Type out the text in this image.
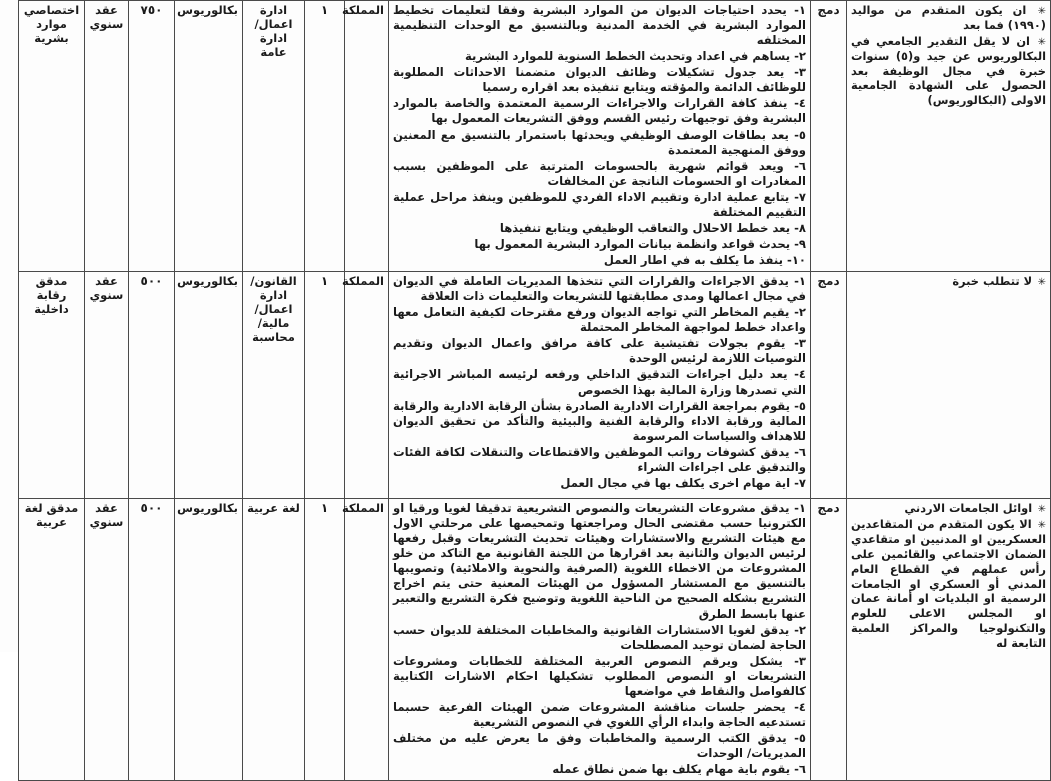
✳ ان يكون المتقدم من مواليد (١٩٩٠) فما بعد
✳ ان لا يقل التقدير الجامعي في البكالوريوس عن جيد و(٥) سنوات خبرة في مجال الوظيفة بعد الحصول على الشهادة الجامعية الاولى (البكالوريوس)
	دمج	
١- يحدد احتياجات الديوان من الموارد البشرية وفقا لتعليمات تخطيط الموارد البشرية في الخدمة المدنية وبالتنسيق مع الوحدات التنظيمية المختلفه
٢- يساهم في اعداد وتحديث الخطط السنوية للموارد البشرية
٣- يعد جدول تشكيلات وظائف الديوان متضمنا الاحداثات المطلوبة للوظائف الدائمة والمؤقته ويتابع تنفيذه بعد اقراره رسميا
٤- ينفذ كافة القرارات والاجراءات الرسمية المعتمدة والخاصة بالموارد البشرية وفق توجيهات رئيس القسم ووفق التشريعات المعمول بها
٥- يعد بطاقات الوصف الوظيفي ويحدثها باستمرار بالتنسيق مع المعنين ووفق المنهجية المعتمدة
٦- ويعد قوائم شهرية بالحسومات المترتبة على الموظفين بسبب المغادرات او الحسومات الناتجة عن المخالفات
٧- يتابع عملية ادارة وتقييم الاداء الفردي للموظفين وينفذ مراحل عملية التقييم المختلفة
٨- يعد خطط الاحلال والتعاقب الوظيفي ويتابع تنفيذها
٩- يحدث قواعد وانظمة بيانات الموارد البشرية المعمول بها
١٠- ينفذ ما يكلف به في اطار العمل
	المملكة	١	ادارة اعمال/ ادارة عامة	بكالوريوس	٧٥٠	عقد سنوي	اختصاصي موارد بشرية

✳ لا تتطلب خبرة
	دمج	
١- يدقق الاجراءات والقرارات التي تتخذها المديريات العاملة في الديوان في مجال اعمالها ومدى مطابقتها للتشريعات والتعليمات ذات العلاقة
٢- يقيم المخاطر التي تواجه الديوان ورفع مقترحات لكيفية التعامل معها واعداد خطط لمواجهة المخاطر المحتملة
٣- يقوم بجولات تفتيشية على كافة مرافق واعمال الديوان وتقديم التوصيات اللازمة لرئيس الوحدة
٤- يعد دليل اجراءات التدقيق الداخلي ورفعه لرئيسه المباشر الاجرائية التي تصدرها وزارة المالية بهذا الخصوص
٥- يقوم بمراجعة القرارات الادارية الصادرة بشأن الرقابة الادارية والرقابة المالية ورقابة الاداء والرقابة الفنية والبيئية والتأكد من تحقيق الديوان للاهداف والسياسات المرسومة
٦- يدقق كشوفات رواتب الموظفين والاقتطاعات والتنقلات لكافة الفئات والتدقيق على اجراءات الشراء
٧- اية مهام اخرى يكلف بها في مجال العمل
	المملكة	١	القانون/ ادارة اعمال/ مالية/ محاسبة	بكالوريوس	٥٠٠	عقد سنوي	مدقق رقابة داخلية

✳ اوائل الجامعات الاردني
✳ الا يكون المتقدم من المتقاعدين العسكريين او المدنيين او متقاعدي الضمان الاجتماعي والقائمين على رأس عملهم في القطاع العام المدني أو العسكري او الجامعات الرسمية او البلديات او أمانة عمان او المجلس الاعلى للعلوم والتكنولوجيا والمراكز العلمية التابعة له
	دمج	
١- يدقق مشروعات التشريعات والنصوص التشريعية تدقيقا لغويا ورقيا او الكترونيا حسب مقتضى الحال ومراجعتها وتمحيصها على مرحلتي الاول مع هيئات التشريع والاستشارات وهيئات تحديث التشريعات وقبل رفعها لرئيس الديوان والثانية بعد اقرارها من اللجنة القانونية مع التاكد من خلو المشروعات من الاخطاء اللغوية (الصرفية والنحوية والاملائية) وتصويبها بالتنسيق مع المستشار المسؤول من الهيئات المعنية حتى يتم اخراج التشريع بشكله الصحيح من الناحية اللغوية وتوضيح فكرة التشريع والتعبير عنها بابسط الطرق
٢- يدقق لغويا الاستشارات القانونية والمخاطبات المختلفة للديوان حسب الحاجة لضمان توحيد المصطلحات
٣- يشكل ويرقم النصوص العربية المختلفة للخطابات ومشروعات التشريعات او النصوص المطلوب تشكيلها احكام الاشارات الكتابية كالفواصل والنقاط في مواضعها
٤- يحضر جلسات مناقشة المشروعات ضمن الهيئات الفرعية حسبما تستدعيه الحاجة وابداء الرأي اللغوي في النصوص التشريعية
٥- يدقق الكتب الرسمية والمخاطبات وفق ما يعرض عليه من مختلف المديريات/ الوحدات
٦- يقوم باية مهام يكلف بها ضمن نطاق عمله
	المملكة	١	لغة عربية	بكالوريوس	٥٠٠	عقد سنوي	مدقق لغة عربية
